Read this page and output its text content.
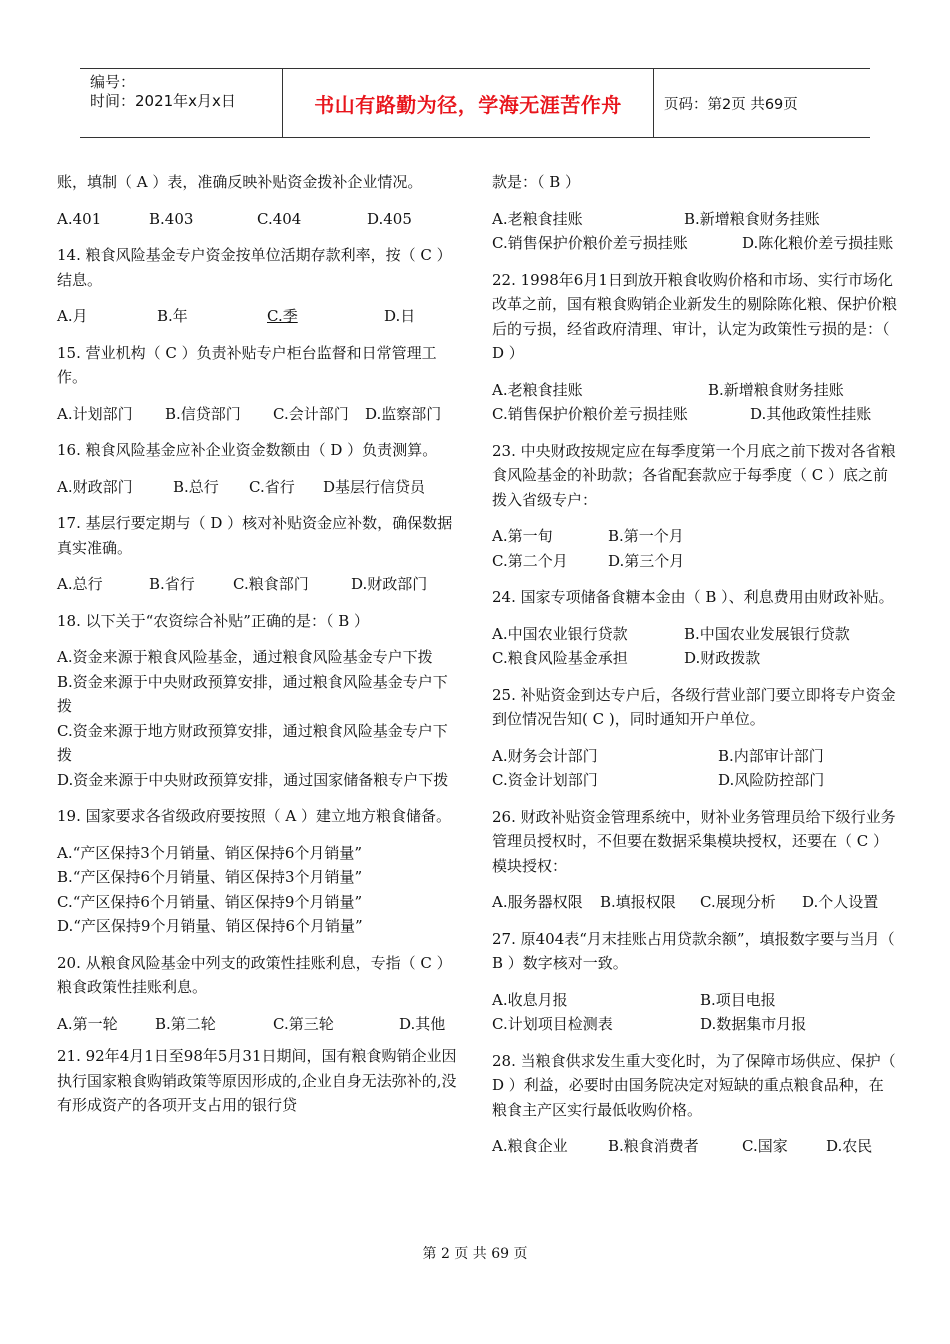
编号：
时间：2021年x月x日	书山有路勤为径，学海无涯苦作舟	页码：第2页 共69页

账，填制（ A ）表，准确反映补贴资金拨补企业情况。

A.401	B.403	C.404	D.405

14. 粮食风险基金专户资金按单位活期存款利率，按（ C ）结息。

A.月	B.年	C.季	D.日

15. 营业机构（ C ）负责补贴专户柜台监督和日常管理工作。

A.计划部门	B.信贷部门	C.会计部门	D.监察部门

16. 粮食风险基金应补企业资金数额由（ D ）负责测算。

A.财政部门	B.总行	C.省行	D基层行信贷员

17. 基层行要定期与（ D ）核对补贴资金应补数，确保数据真实准确。

A.总行	B.省行	C.粮食部门	D.财政部门

18. 以下关于“农资综合补贴”正确的是：（ B ）

A.资金来源于粮食风险基金，通过粮食风险基金专户下拨

B.资金来源于中央财政预算安排，通过粮食风险基金专户下拨

C.资金来源于地方财政预算安排，通过粮食风险基金专户下拨

D.资金来源于中央财政预算安排，通过国家储备粮专户下拨

19. 国家要求各省级政府要按照（ A ）建立地方粮食储备。

A.“产区保持3个月销量、销区保持6个月销量”

B.“产区保持6个月销量、销区保持3个月销量”

C.“产区保持6个月销量、销区保持9个月销量”

D.“产区保持9个月销量、销区保持6个月销量”

20. 从粮食风险基金中列支的政策性挂账利息，专指（ C ）粮食政策性挂账利息。

A.第一轮	B.第二轮	C.第三轮	D.其他

21. 92年4月1日至98年5月31日期间，国有粮食购销企业因执行国家粮食购销政策等原因形成的,企业自身无法弥补的,没有形成资产的各项开支占用的银行贷

款是：（ B ）

A.老粮食挂账	B.新增粮食财务挂账
C.销售保护价粮价差亏损挂账	D.陈化粮价差亏损挂账

22. 1998年6月1日到放开粮食收购价格和市场、实行市场化改革之前，国有粮食购销企业新发生的剔除陈化粮、保护价粮后的亏损，经省政府清理、审计，认定为政策性亏损的是：（ D ）

A.老粮食挂账	B.新增粮食财务挂账
C.销售保护价粮价差亏损挂账	D.其他政策性挂账

23. 中央财政按规定应在每季度第一个月底之前下拨对各省粮食风险基金的补助款；各省配套款应于每季度（ C ）底之前拨入省级专户：

A.第一旬	B.第一个月
C.第二个月	D.第三个月

24. 国家专项储备食糖本金由（ B ）、利息费用由财政补贴。

A.中国农业银行贷款	B.中国农业发展银行贷款
C.粮食风险基金承担	D.财政拨款

25. 补贴资金到达专户后，各级行营业部门要立即将专户资金到位情况告知( C )，同时通知开户单位。

A.财务会计部门	B.内部审计部门
C.资金计划部门	D.风险防控部门

26. 财政补贴资金管理系统中，财补业务管理员给下级行业务管理员授权时，不但要在数据采集模块授权，还要在（ C ）模块授权：

A.服务器权限	B.填报权限	C.展现分析	D.个人设置

27. 原404表“月末挂账占用贷款余额”，填报数字要与当月（ B ）数字核对一致。

A.收息月报	B.项目电报
C.计划项目检测表	D.数据集市月报

28. 当粮食供求发生重大变化时，为了保障市场供应、保护（ D ）利益，必要时由国务院决定对短缺的重点粮食品种，在粮食主产区实行最低收购价格。

A.粮食企业	B.粮食消费者	C.国家	D.农民
第 2 页 共 69 页
